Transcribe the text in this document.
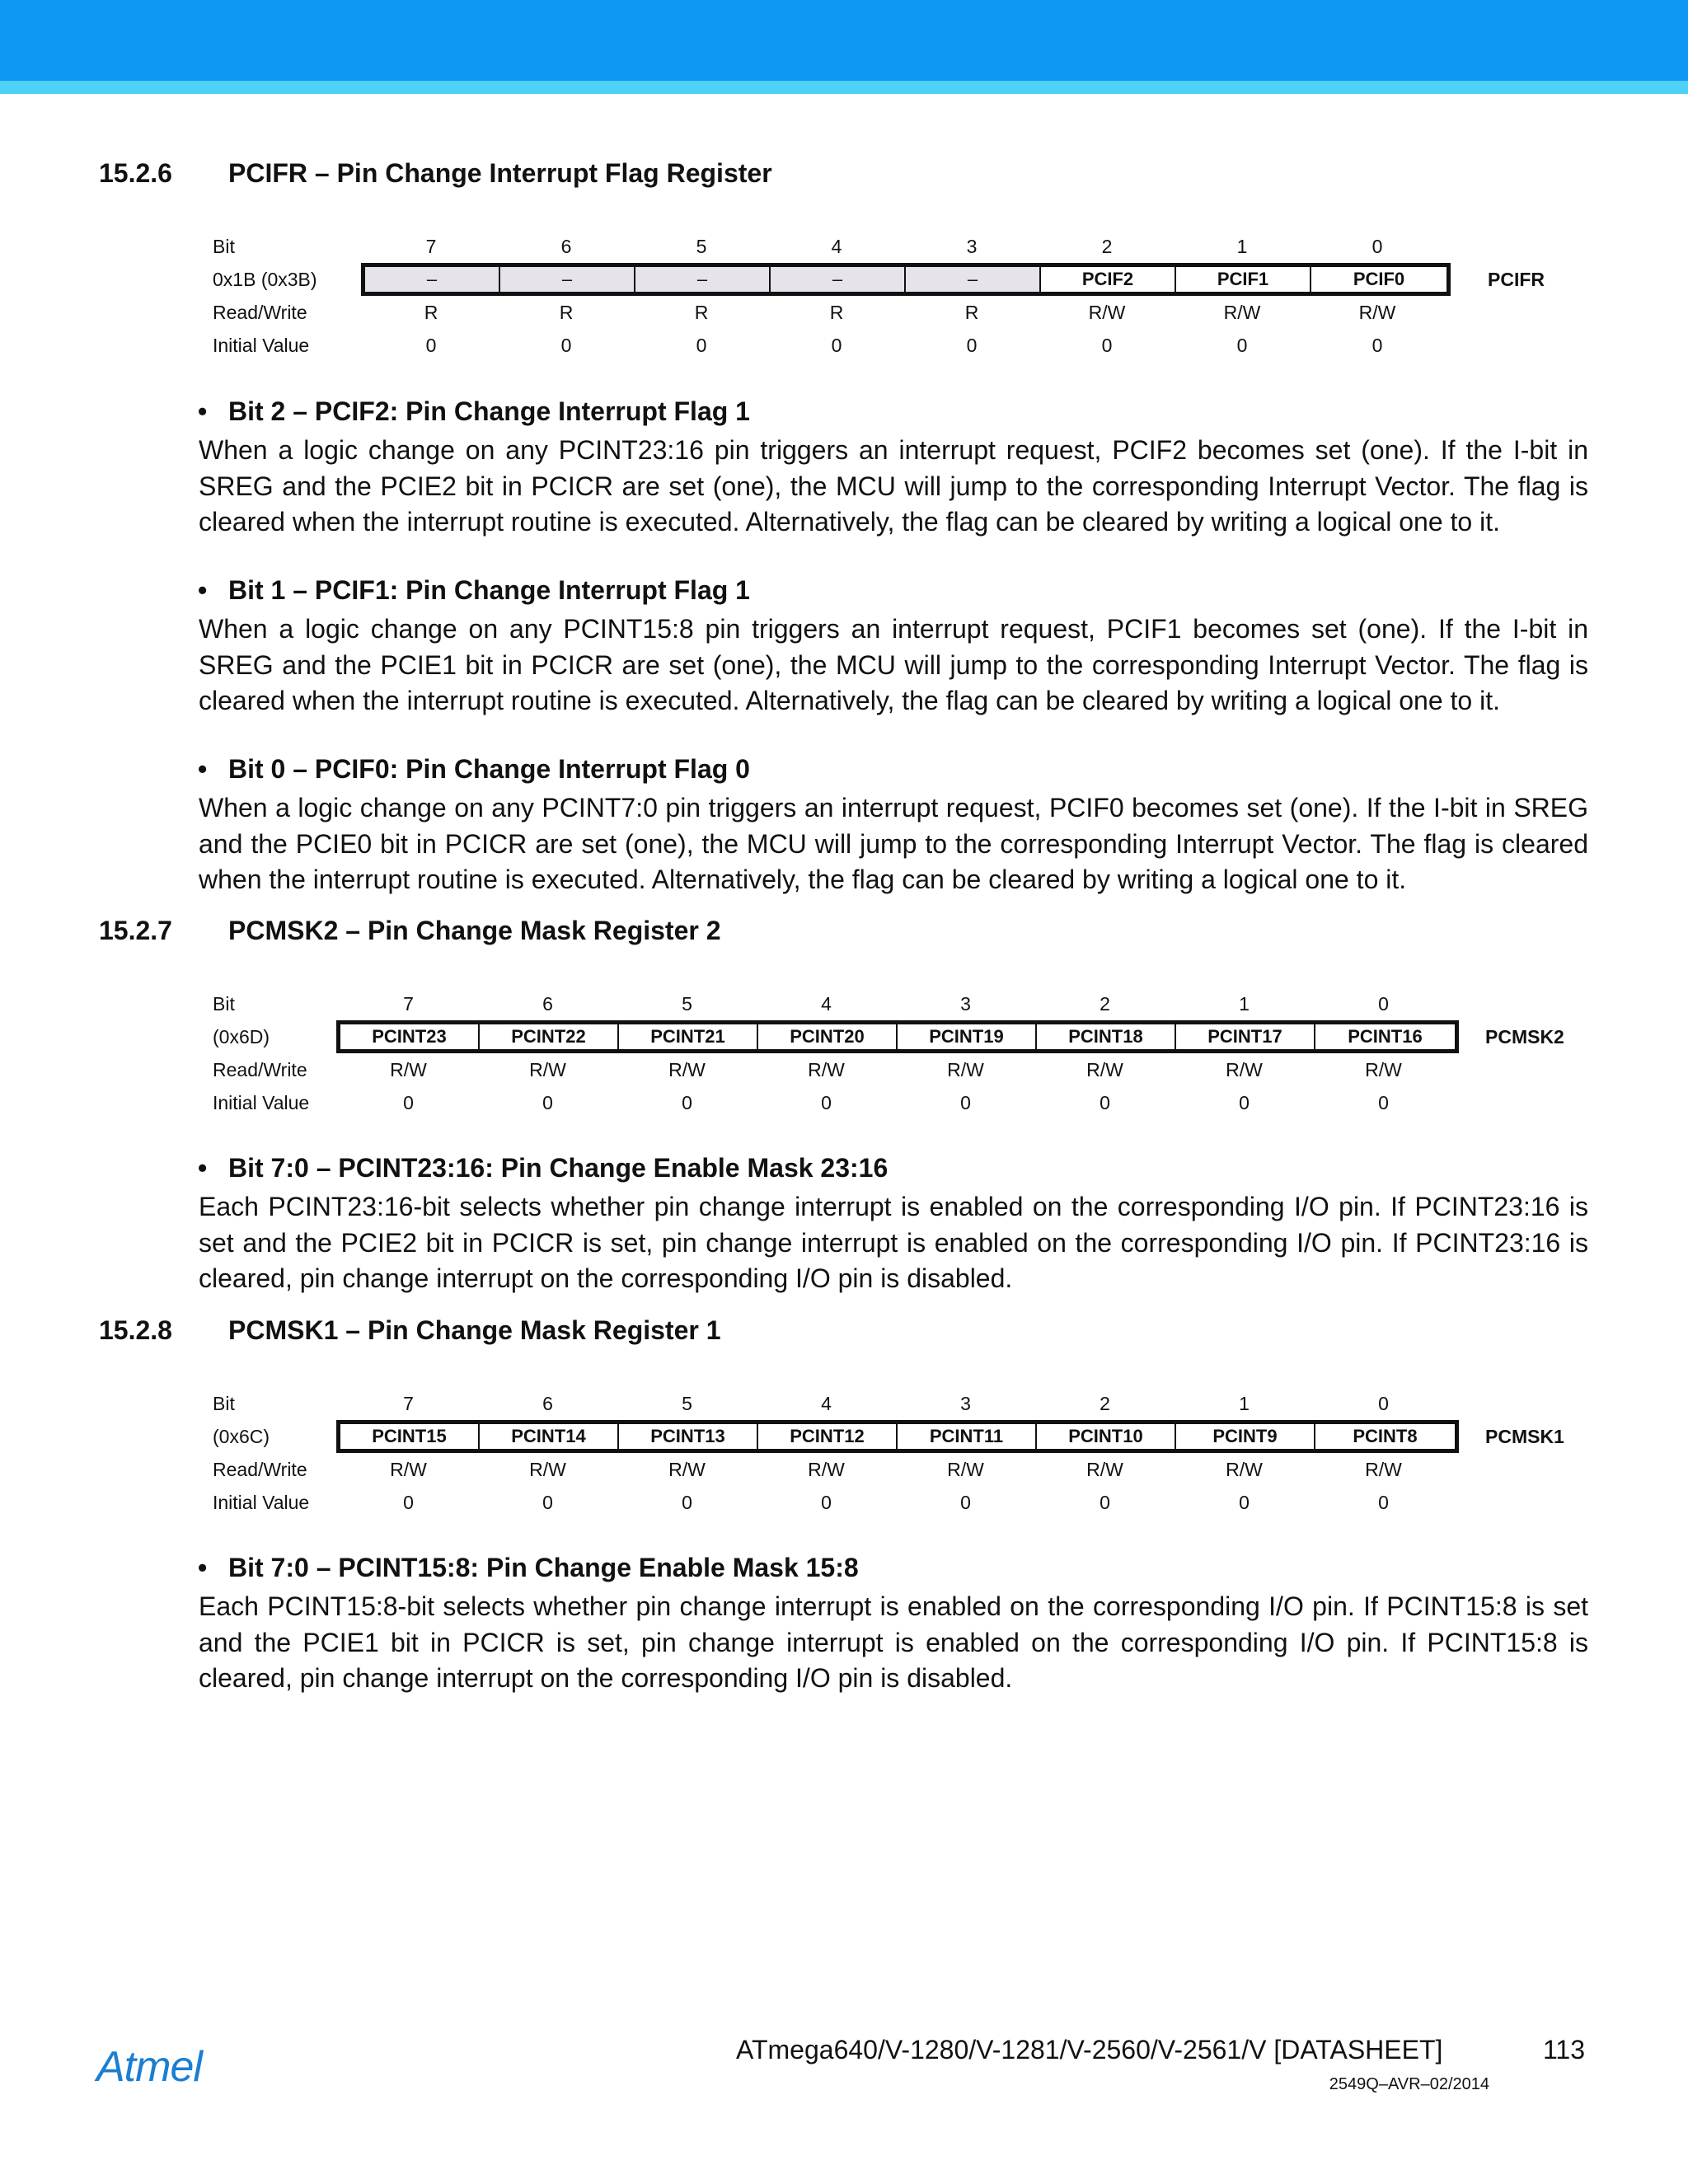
15.2.6 PCIFR – Pin Change Interrupt Flag Register
Bit	7	6	5	4	3	2	1	0
0x1B (0x3B)	–	–	–	–	–	PCIF2	PCIF1	PCIF0	PCIFR
Read/Write	R	R	R	R	R	R/W	R/W	R/W
Initial Value	0	0	0	0	0	0	0	0
• Bit 2 – PCIF2: Pin Change Interrupt Flag 1
When a logic change on any PCINT23:16 pin triggers an interrupt request, PCIF2 becomes set (one). If the I-bit in SREG and the PCIE2 bit in PCICR are set (one), the MCU will jump to the corresponding Interrupt Vector. The flag is cleared when the interrupt routine is executed. Alternatively, the flag can be cleared by writing a logical one to it.
• Bit 1 – PCIF1: Pin Change Interrupt Flag 1
When a logic change on any PCINT15:8 pin triggers an interrupt request, PCIF1 becomes set (one). If the I-bit in SREG and the PCIE1 bit in PCICR are set (one), the MCU will jump to the corresponding Interrupt Vector. The flag is cleared when the interrupt routine is executed. Alternatively, the flag can be cleared by writing a logical one to it.
• Bit 0 – PCIF0: Pin Change Interrupt Flag 0
When a logic change on any PCINT7:0 pin triggers an interrupt request, PCIF0 becomes set (one). If the I-bit in SREG and the PCIE0 bit in PCICR are set (one), the MCU will jump to the corresponding Interrupt Vector. The flag is cleared when the interrupt routine is executed. Alternatively, the flag can be cleared by writing a logical one to it.
15.2.7 PCMSK2 – Pin Change Mask Register 2
Bit	7	6	5	4	3	2	1	0
(0x6D)	PCINT23	PCINT22	PCINT21	PCINT20	PCINT19	PCINT18	PCINT17	PCINT16	PCMSK2
Read/Write	R/W	R/W	R/W	R/W	R/W	R/W	R/W	R/W
Initial Value	0	0	0	0	0	0	0	0
• Bit 7:0 – PCINT23:16: Pin Change Enable Mask 23:16
Each PCINT23:16-bit selects whether pin change interrupt is enabled on the corresponding I/O pin. If PCINT23:16 is set and the PCIE2 bit in PCICR is set, pin change interrupt is enabled on the corresponding I/O pin. If PCINT23:16 is cleared, pin change interrupt on the corresponding I/O pin is disabled.
15.2.8 PCMSK1 – Pin Change Mask Register 1
Bit	7	6	5	4	3	2	1	0
(0x6C)	PCINT15	PCINT14	PCINT13	PCINT12	PCINT11	PCINT10	PCINT9	PCINT8	PCMSK1
Read/Write	R/W	R/W	R/W	R/W	R/W	R/W	R/W	R/W
Initial Value	0	0	0	0	0	0	0	0
• Bit 7:0 – PCINT15:8: Pin Change Enable Mask 15:8
Each PCINT15:8-bit selects whether pin change interrupt is enabled on the corresponding I/O pin. If PCINT15:8 is set and the PCIE1 bit in PCICR is set, pin change interrupt is enabled on the corresponding I/O pin. If PCINT15:8 is cleared, pin change interrupt on the corresponding I/O pin is disabled.
Atmel	ATmega640/V-1280/V-1281/V-2560/V-2561/V [DATASHEET]	113
2549Q–AVR–02/2014
